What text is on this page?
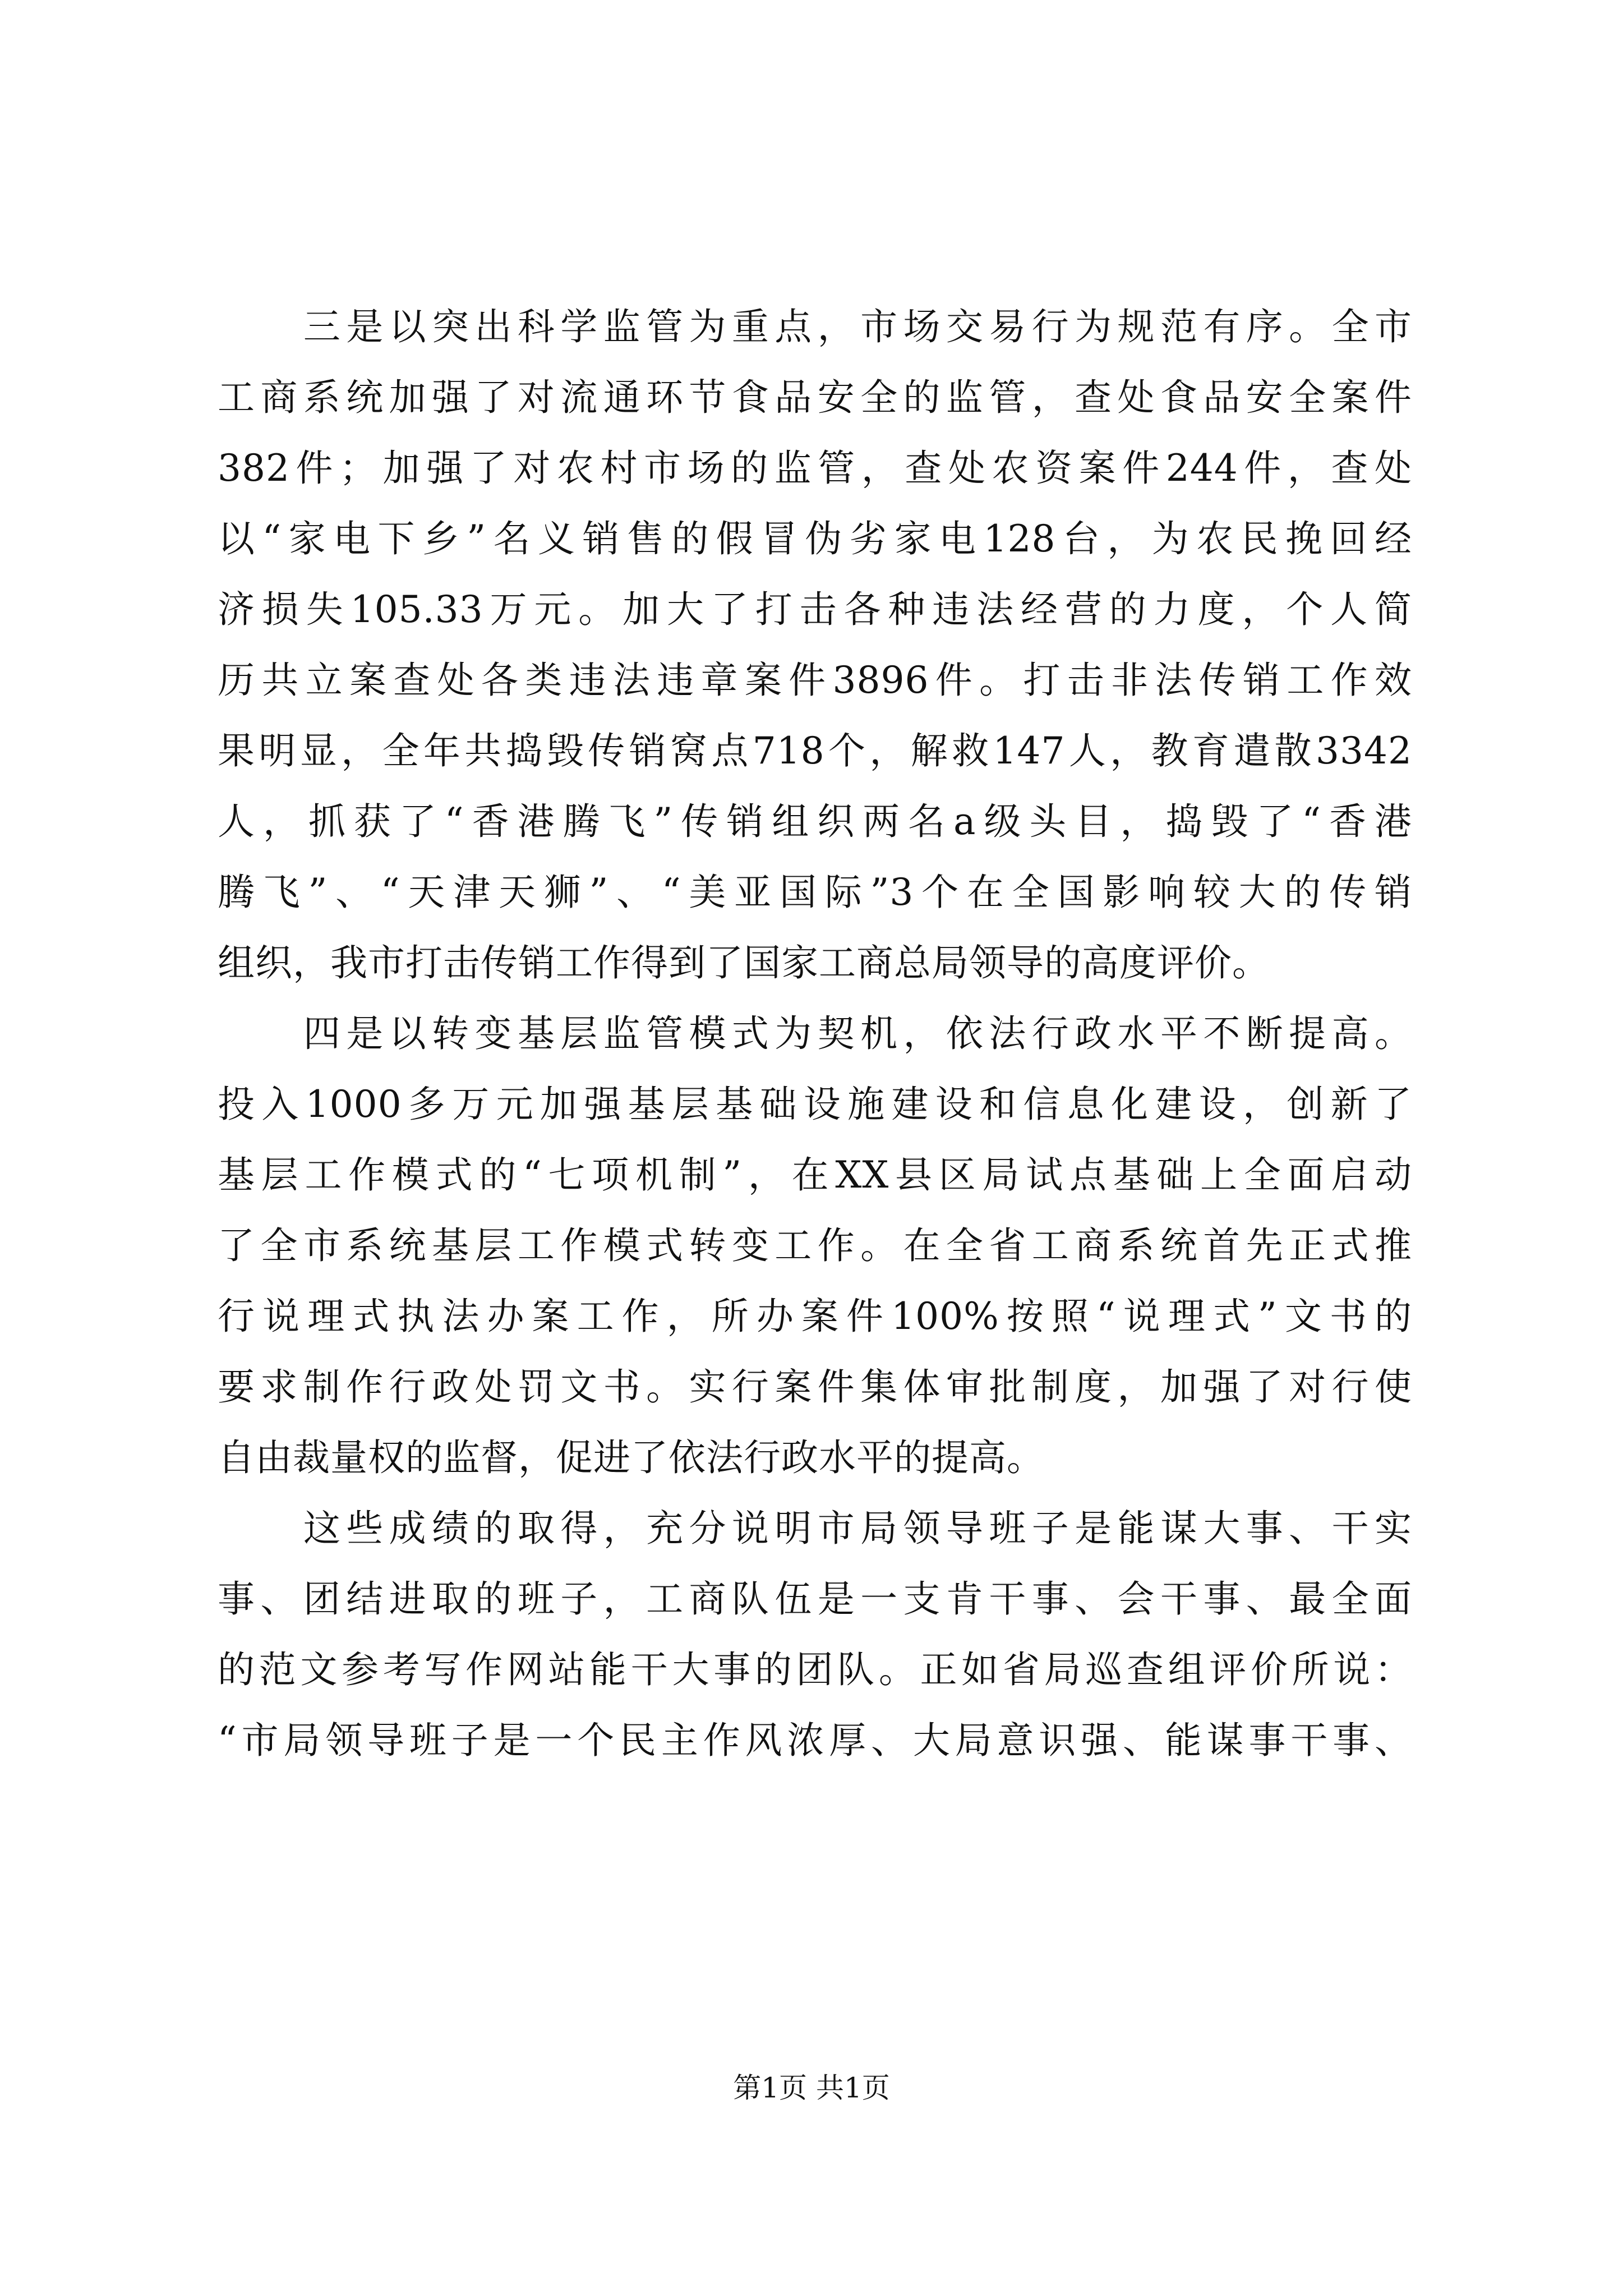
　　三是以突出科学监管为重点，市场交易行为规范有序。全市
工商系统加强了对流通环节食品安全的监管，查处食品安全案件
382件；加强了对农村市场的监管，查处农资案件244件，查处
以“家电下乡”名义销售的假冒伪劣家电128台，为农民挽回经
济损失105.33万元。加大了打击各种违法经营的力度，个人简
历共立案查处各类违法违章案件3896件。打击非法传销工作效
果明显，全年共捣毁传销窝点718个，解救147人，教育遣散3342
人，抓获了“香港腾飞”传销组织两名a级头目，捣毁了“香港
腾飞”、“天津天狮”、“美亚国际”3个在全国影响较大的传销
组织，我市打击传销工作得到了国家工商总局领导的高度评价。
　　四是以转变基层监管模式为契机，依法行政水平不断提高。
投入1000多万元加强基层基础设施建设和信息化建设，创新了
基层工作模式的“七项机制”，在XX县区局试点基础上全面启动
了全市系统基层工作模式转变工作。在全省工商系统首先正式推
行说理式执法办案工作，所办案件100%按照“说理式”文书的
要求制作行政处罚文书。实行案件集体审批制度，加强了对行使
自由裁量权的监督，促进了依法行政水平的提高。
　　这些成绩的取得，充分说明市局领导班子是能谋大事、干实
事、团结进取的班子，工商队伍是一支肯干事、会干事、最全面
的范文参考写作网站能干大事的团队。正如省局巡查组评价所说：
“市局领导班子是一个民主作风浓厚、大局意识强、能谋事干事、
第1页 共1页
